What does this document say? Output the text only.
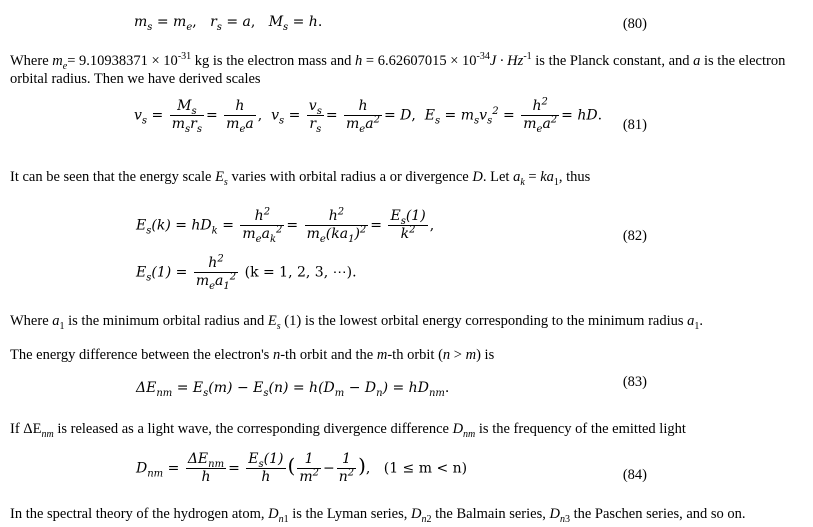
$m_s = m_e$,   $r_s = a$,   $M_s = h$.	(80)
Where $m_e= 9.10938371 \times 10^{-31}$ kg is the electron mass and $h = 6.62607015 \times 10^{-34}J \cdot Hz^{-1}$ is the Planck constant, and a is the electron
orbital radius. Then we have derived scales
$v_s = \frac{M_s}{m_sr_s} = \frac{h}{m_ea}$ ,  $v_s = \frac{v_s}{r_s} = \frac{h}{m_ea^2} = D$,  $E_s = m_sv_s^2 = \frac{h^2}{m_ea^2}$ = hD.
(81)
It can be seen that the energy scale $E_s$ varies with orbital radius a or divergence D. Let $a_k = ka_1$, thus
$E_s(k) = hD_k = \frac{h^2}{m_ea_k^2} = \frac{h^2}{m_e(ka_1)^2} = \frac{E_s(1)}{k^2}$ ,
(82)
$E_s(1) = \frac{h^2}{m_ea_1^2} (k = 1$, 2, 3, ⋯).
Where $a_1$ is the minimum orbital radius and $E_s$ (1) is the lowest orbital energy corresponding to the minimum radius $a_1$.
The energy difference between the electron's n-th orbit and the m-th orbit (n > m) is
$\Delta E_{nm} = E_s(m) - E_s(n) = h(D_m - D_n) = hD_{nm}$.	(83)
If $\Delta E_{nm}$ is released as a light wave, the corresponding divergence difference $D_{nm}$ is the frequency of the emitted light
$D_{nm} = \frac{\Delta E_{nm}}{h} = \frac{E_s(1)}{h}$ ( $\frac{1}{m^2} - \frac{1}{n^2}$ ), (1 ≤ m < n)	(84)
In the spectral theory of the hydrogen atom, $D_{n1}$ is the Lyman series, $D_{n2}$ the Balmain series, $D_{n3}$ the Paschen series, and so on.
